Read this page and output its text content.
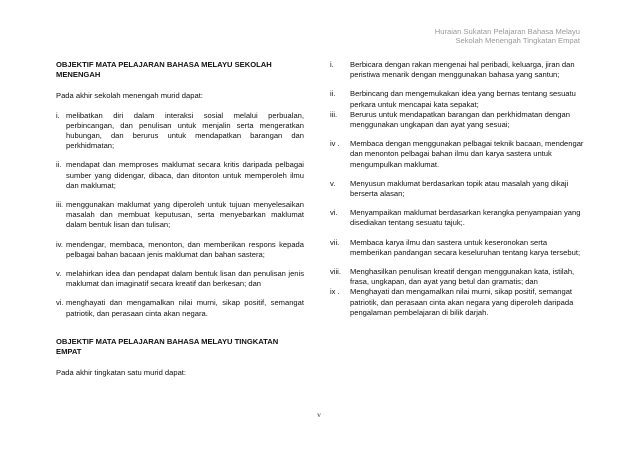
Huraian Sukatan Pelajaran Bahasa Melayu
Sekolah Menengah Tingkatan Empat
OBJEKTIF MATA PELAJARAN BAHASA MELAYU SEKOLAH MENENGAH
Pada akhir sekolah menengah murid dapat:
i. melibatkan diri dalam interaksi sosial melalui perbualan, perbincangan, dan penulisan untuk menjalin serta mengeratkan hubungan, dan berurus untuk mendapatkan barangan dan perkhidmatan;
ii. mendapat dan memproses maklumat secara kritis daripada pelbagai sumber yang didengar, dibaca, dan ditonton untuk memperoleh ilmu dan maklumat;
iii. menggunakan maklumat yang diperoleh untuk tujuan menyelesaikan masalah dan membuat keputusan, serta menyebarkan maklumat dalam bentuk lisan dan tulisan;
iv. mendengar, membaca, menonton, dan memberikan respons kepada pelbagai bahan bacaan jenis maklumat dan bahan sastera;
v. melahirkan idea dan pendapat dalam bentuk lisan dan penulisan jenis maklumat dan imaginatif secara kreatif dan berkesan; dan
vi. menghayati dan mengamalkan nilai murni, sikap positif, semangat patriotik, dan perasaan cinta akan negara.
OBJEKTIF MATA PELAJARAN BAHASA MELAYU TINGKATAN EMPAT
Pada akhir tingkatan satu murid dapat:
i.	Berbicara dengan rakan mengenai hal peribadi, keluarga, jiran dan peristiwa menarik dengan menggunakan bahasa yang santun;
ii.	Berbincang dan mengemukakan idea yang bernas tentang sesuatu perkara untuk mencapai kata sepakat;
iii.	Berurus untuk mendapatkan barangan dan perkhidmatan dengan menggunakan ungkapan dan ayat yang sesuai;
iv .	Membaca dengan menggunakan pelbagai teknik bacaan, mendengar dan menonton pelbagai bahan ilmu dan karya sastera untuk mengumpulkan maklumat.
v.	Menyusun maklumat berdasarkan topik atau masalah yang dikaji berserta alasan;
vi.	Menyampaikan maklumat berdasarkan kerangka penyampaian yang disediakan tentang sesuatu tajuk;.
vii.	Membaca karya ilmu dan sastera untuk keseronokan serta memberikan pandangan secara keseluruhan tentang karya tersebut;
viii.	Menghasilkan penulisan kreatif dengan menggunakan kata, istilah, frasa, ungkapan, dan ayat yang betul dan gramatis; dan
ix .	Menghayati dan mengamalkan nilai murni, sikap positif, semangat patriotik, dan perasaan cinta akan negara yang diperoleh daripada pengalaman pembelajaran di bilik darjah.
v
